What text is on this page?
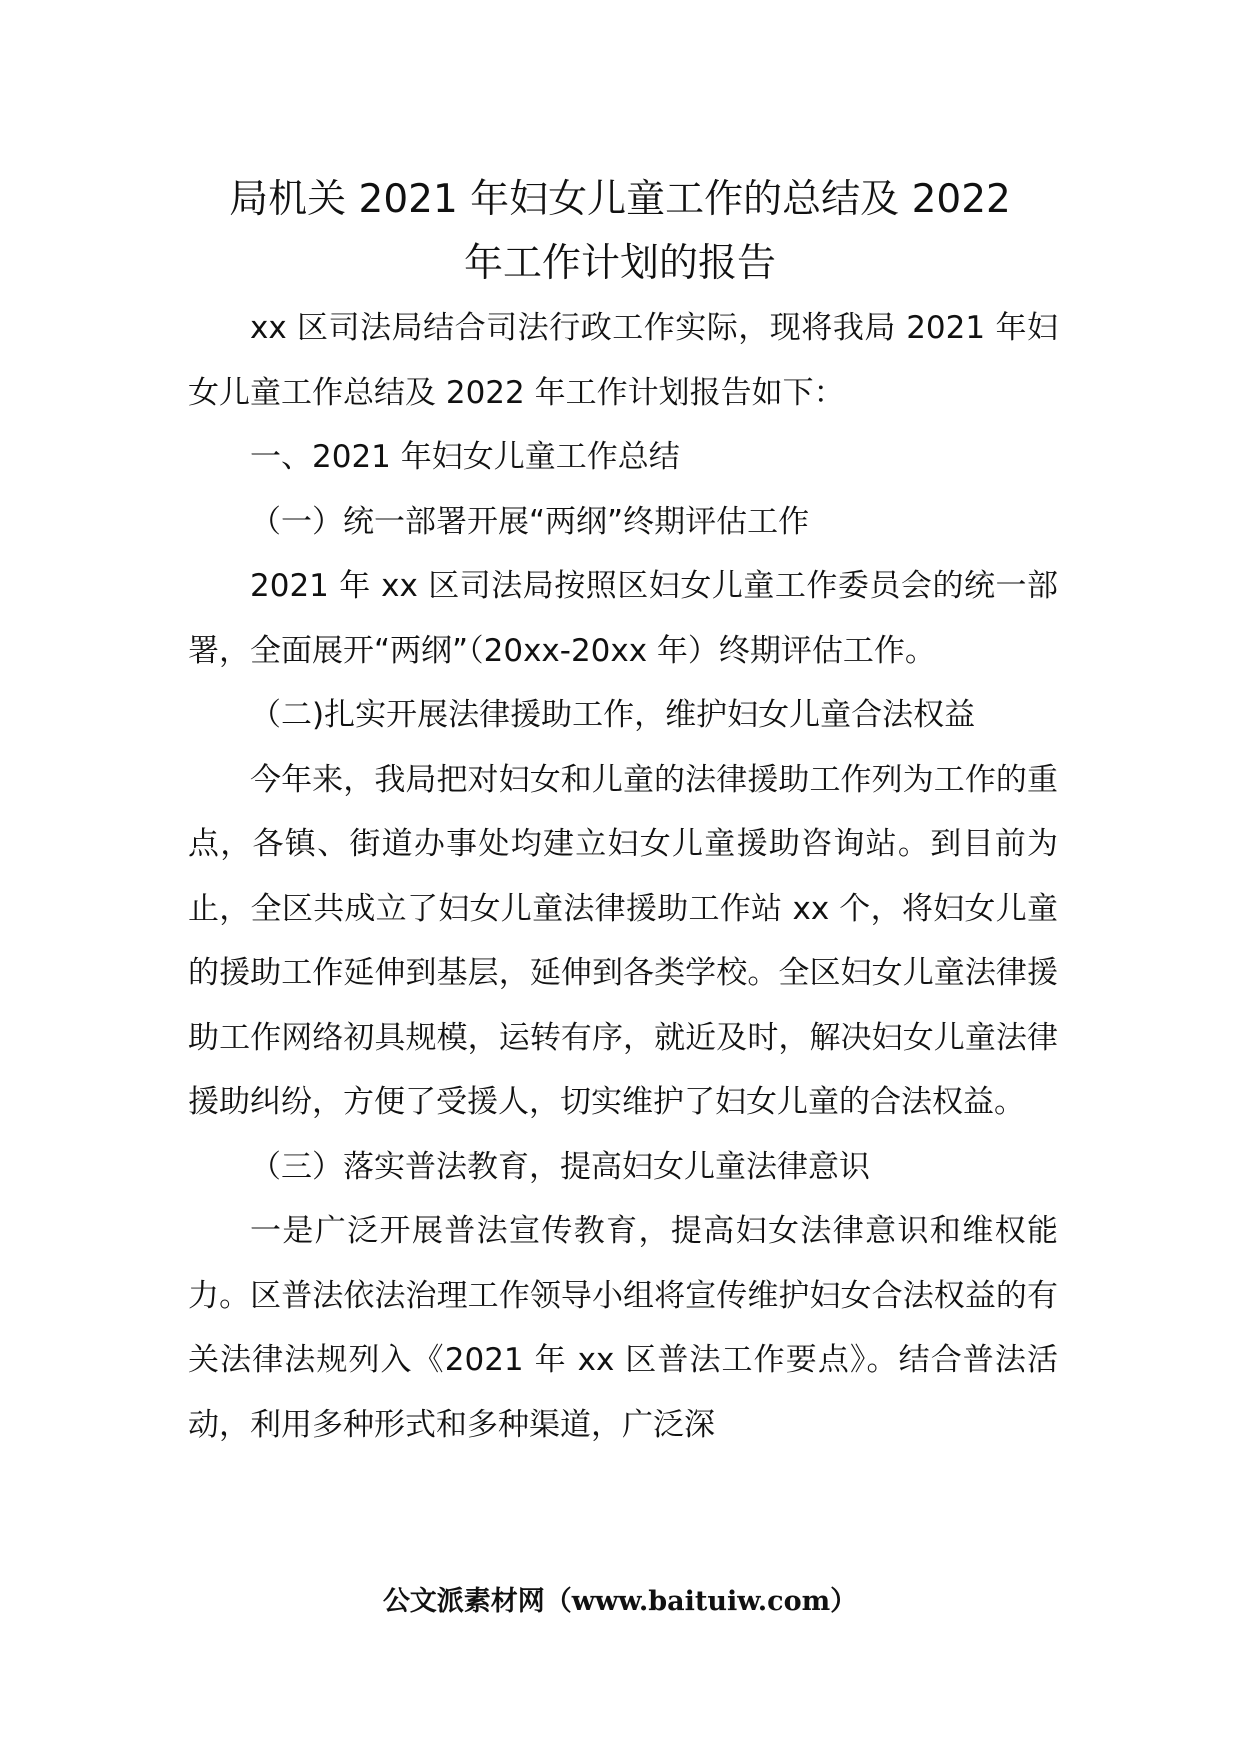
局机关 2021 年妇女儿童工作的总结及 2022
年工作计划的报告

xx 区司法局结合司法行政工作实际，现将我局 2021 年妇女儿童工作总结及 2022 年工作计划报告如下：

一、2021 年妇女儿童工作总结

（一）统一部署开展“两纲”终期评估工作

2021 年 xx 区司法局按照区妇女儿童工作委员会的统一部署，全面展开“两纲”（20xx-20xx 年）终期评估工作。

（二)扎实开展法律援助工作，维护妇女儿童合法权益

今年来，我局把对妇女和儿童的法律援助工作列为工作的重点，各镇、街道办事处均建立妇女儿童援助咨询站。到目前为止，全区共成立了妇女儿童法律援助工作站 xx 个，将妇女儿童的援助工作延伸到基层，延伸到各类学校。全区妇女儿童法律援助工作网络初具规模，运转有序，就近及时，解决妇女儿童法律援助纠纷，方便了受援人，切实维护了妇女儿童的合法权益。

（三）落实普法教育，提高妇女儿童法律意识

一是广泛开展普法宣传教育，提高妇女法律意识和维权能力。区普法依法治理工作领导小组将宣传维护妇女合法权益的有关法律法规列入《2021 年 xx 区普法工作要点》。结合普法活动，利用多种形式和多种渠道，广泛深

公文派素材网（www.baituiw.com）
